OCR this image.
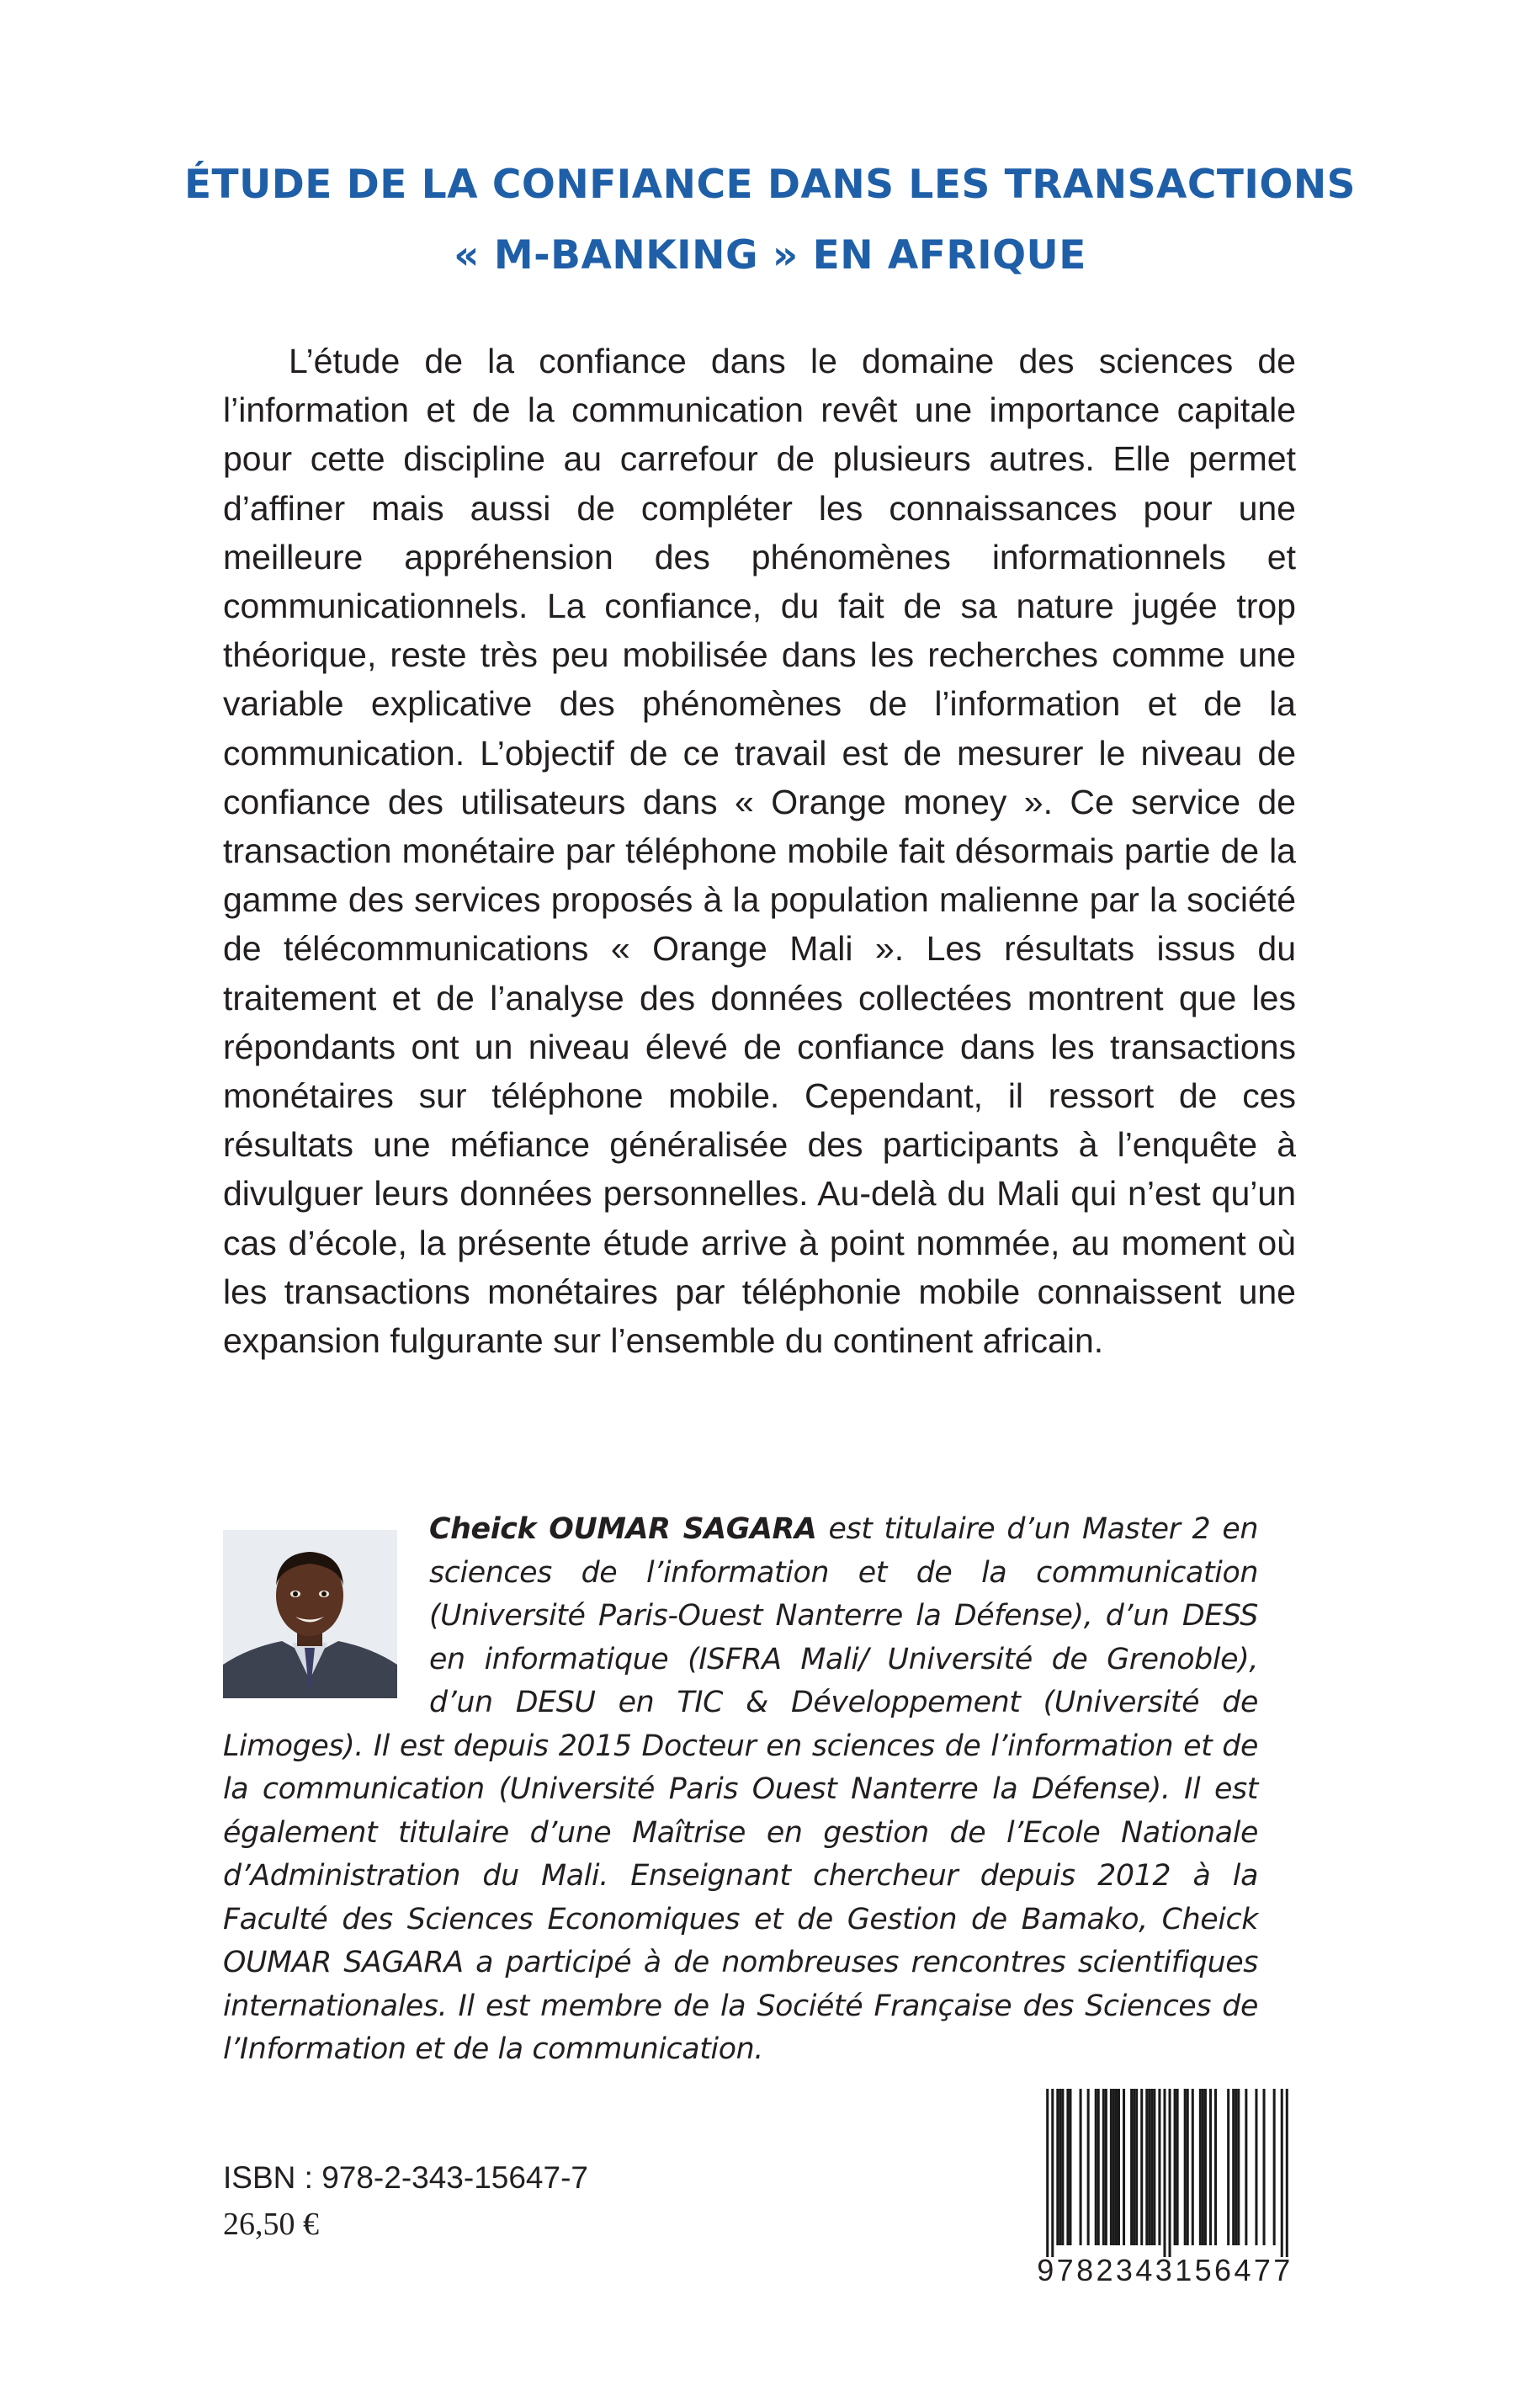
ÉTUDE DE LA CONFIANCE DANS LES TRANSACTIONS
« M-BANKING » EN AFRIQUE

L’étude de la confiance dans le domaine des sciences de l’information et de la communication revêt une importance capitale pour cette discipline au carrefour de plusieurs autres. Elle permet d’affiner mais aussi de compléter les connaissances pour une meilleure appréhension des phénomènes informationnels et communicationnels. La confiance, du fait de sa nature jugée trop théorique, reste très peu mobilisée dans les recherches comme une variable explicative des phénomènes de l’information et de la communication. L’objectif de ce travail est de mesurer le niveau de confiance des utilisateurs dans « Orange money ». Ce service de transaction monétaire par téléphone mobile fait désormais partie de la gamme des services proposés à la population malienne par la société de télécommunications « Orange Mali ». Les résultats issus du traitement et de l’analyse des données collectées montrent que les répondants ont un niveau élevé de confiance dans les transactions monétaires sur téléphone mobile. Cependant, il ressort de ces résultats une méfiance généralisée des participants à l’enquête à divulguer leurs données personnelles. Au-delà du Mali qui n’est qu’un cas d’école, la présente étude arrive à point nommée, au moment où les transactions monétaires par téléphonie mobile connaissent une expansion fulgurante sur l’ensemble du continent africain.

Cheick OUMAR SAGARA est titulaire d’un Master 2 en sciences de l’information et de la communication (Université Paris-Ouest Nanterre la Défense), d’un DESS en informatique (ISFRA Mali/ Université de Grenoble), d’un DESU en TIC & Développement (Université de Limoges). Il est depuis 2015 Docteur en sciences de l’information et de la communication (Université Paris Ouest Nanterre la Défense). Il est également titulaire d’une Maîtrise en gestion de l’Ecole Nationale d’Administration du Mali. Enseignant chercheur depuis 2012 à la Faculté des Sciences Economiques et de Gestion de Bamako, Cheick OUMAR SAGARA a participé à de nombreuses rencontres scientifiques internationales. Il est membre de la Société Française des Sciences de l’Information et de la communication.

ISBN : 978-2-343-15647-7
26,50 €
9782343156477
